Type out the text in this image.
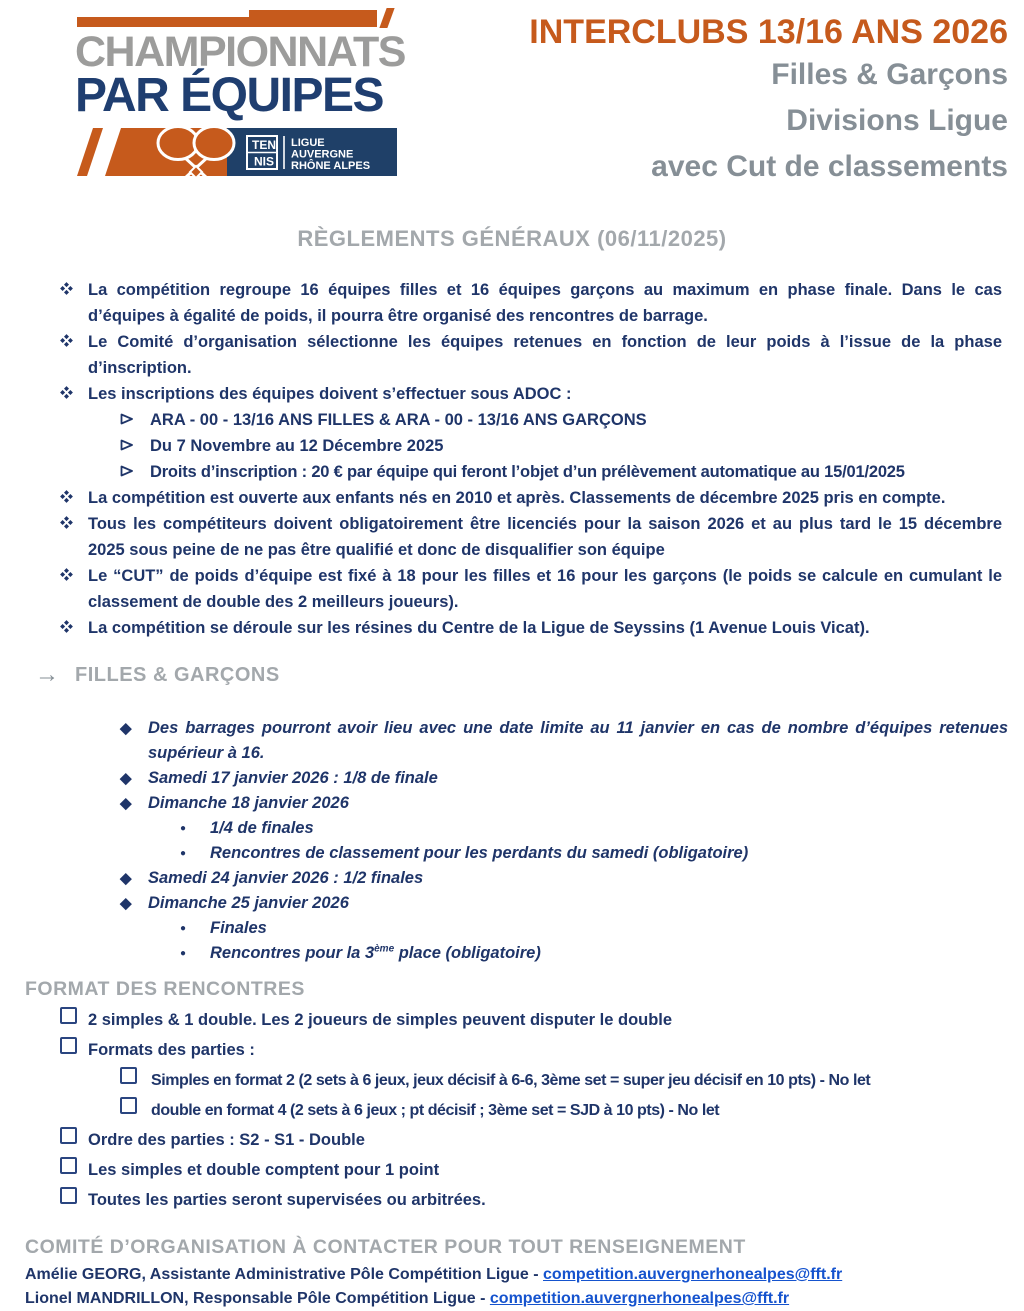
CHAMPIONNATS
PAR ÉQUIPES
TEN
NIS
LIGUE
AUVERGNE
RHÔNE ALPES
INTERCLUBS 13/16 ANS 2026
Filles & Garçons
Divisions Ligue
avec Cut de classements
RÈGLEMENTS GÉNÉRAUX (06/11/2025)
La compétition regroupe 16 équipes filles et 16 équipes garçons au maximum en phase finale. Dans le cas d’équipes à égalité de poids, il pourra être organisé des rencontres de barrage.
Le Comité d’organisation sélectionne les équipes retenues en fonction de leur poids à l’issue de la phase d’inscription.
Les inscriptions des équipes doivent s’effectuer sous ADOC :
ARA - 00 - 13/16 ANS FILLES & ARA - 00 - 13/16 ANS GARÇONS
Du 7 Novembre au 12 Décembre 2025
Droits d’inscription : 20 € par équipe qui feront l’objet d’un prélèvement automatique au 15/01/2025
La compétition est ouverte aux enfants nés en 2010 et après. Classements de décembre 2025 pris en compte.
Tous les compétiteurs doivent obligatoirement être licenciés pour la saison 2026 et au plus tard le 15 décembre 2025 sous peine de ne pas être qualifié et donc de disqualifier son équipe
Le “CUT” de poids d’équipe est fixé à 18 pour les filles et 16 pour les garçons (le poids se calcule en cumulant le classement de double des 2 meilleurs joueurs).
La compétition se déroule sur les résines du Centre de la Ligue de Seyssins (1 Avenue Louis Vicat).
→ FILLES & GARÇONS
◆ Des barrages pourront avoir lieu avec une date limite au 11 janvier en cas de nombre d’équipes retenues supérieur à 16.
◆ Samedi 17 janvier 2026 : 1/8 de finale
◆ Dimanche 18 janvier 2026
● 1/4 de finales
● Rencontres de classement pour les perdants du samedi (obligatoire)
◆ Samedi 24 janvier 2026 : 1/2 finales
◆ Dimanche 25 janvier 2026
● Finales
● Rencontres pour la 3ème place (obligatoire)
FORMAT DES RENCONTRES
2 simples & 1 double. Les 2 joueurs de simples peuvent disputer le double
Formats des parties :
Simples en format 2 (2 sets à 6 jeux, jeux décisif à 6-6, 3ème set = super jeu décisif en 10 pts) - No let
double en format 4 (2 sets à 6 jeux ; pt décisif ; 3ème set = SJD à 10 pts) - No let
Ordre des parties : S2 - S1 - Double
Les simples et double comptent pour 1 point
Toutes les parties seront supervisées ou arbitrées.
COMITÉ D’ORGANISATION À CONTACTER POUR TOUT RENSEIGNEMENT
Amélie GEORG, Assistante Administrative Pôle Compétition Ligue - competition.auvergnerhonealpes@fft.fr
Lionel MANDRILLON, Responsable Pôle Compétition Ligue - competition.auvergnerhonealpes@fft.fr
